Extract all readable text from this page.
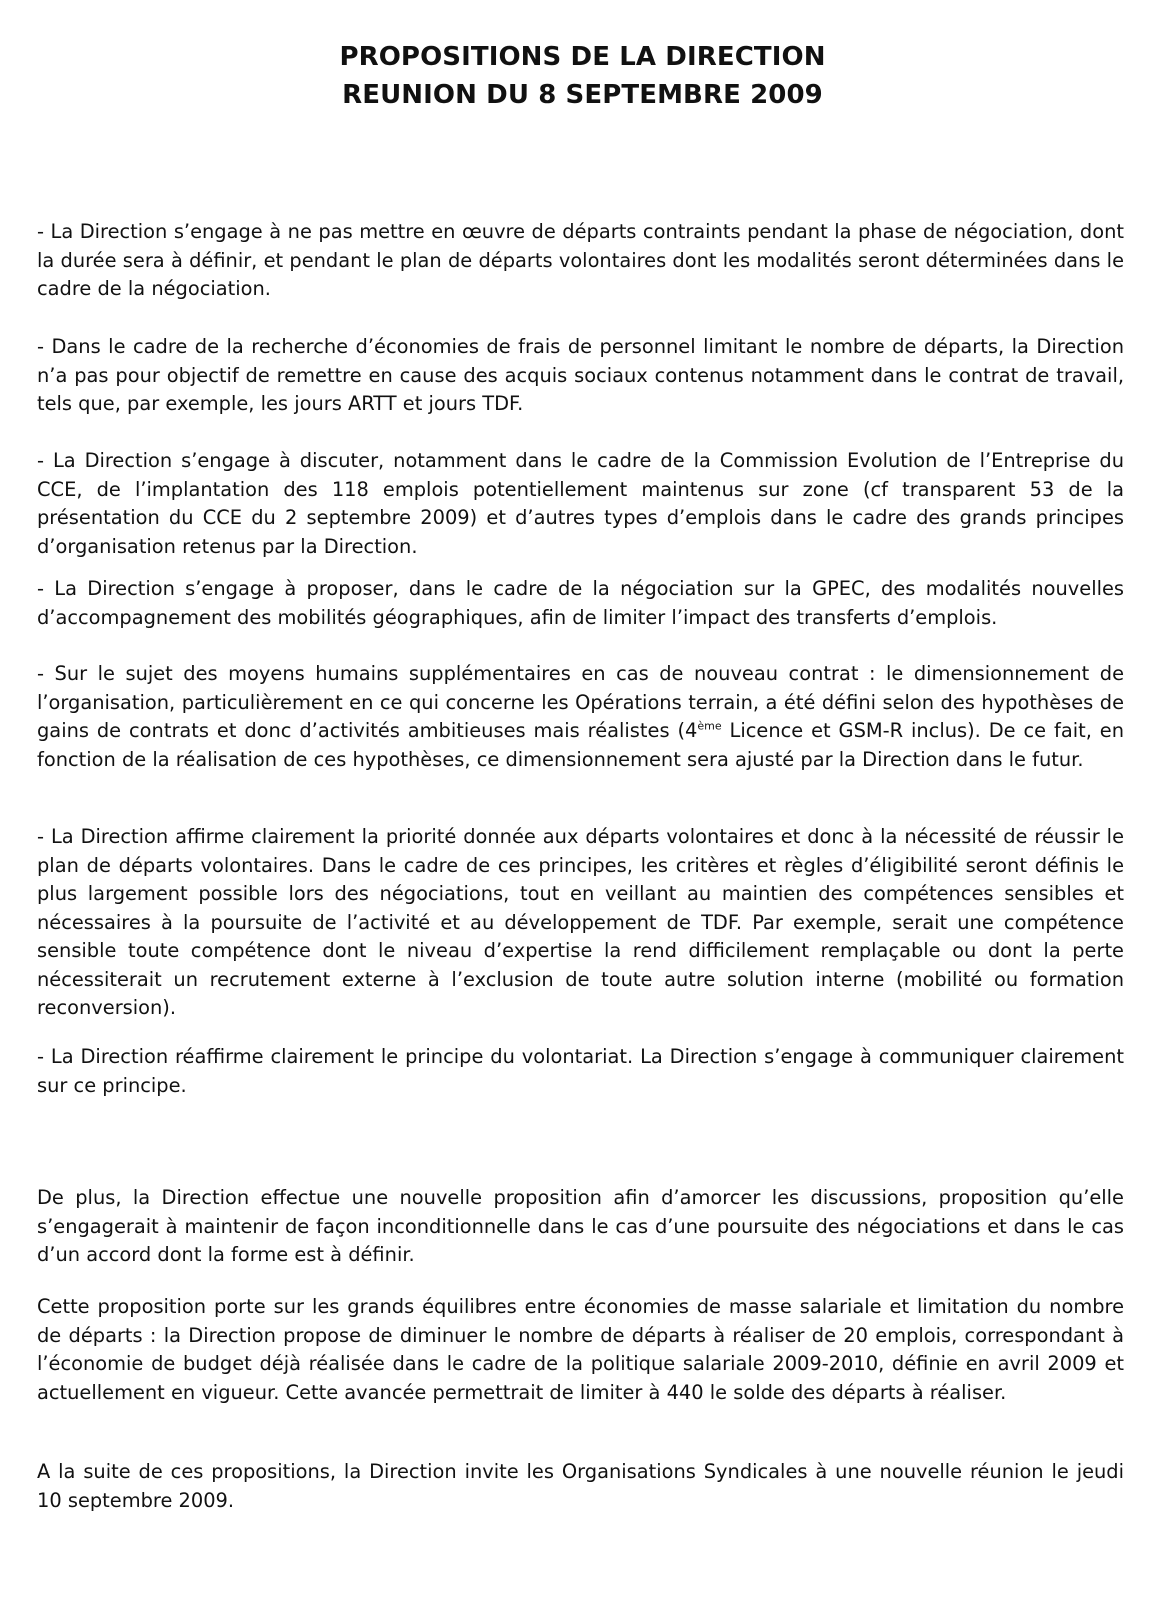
PROPOSITIONS DE LA DIRECTION
REUNION DU 8 SEPTEMBRE 2009

- La Direction s’engage à ne pas mettre en œuvre de départs contraints pendant la phase de négociation, dont la durée sera à définir, et pendant le plan de départs volontaires dont les modalités seront déterminées dans le cadre de la négociation.

- Dans le cadre de la recherche d’économies de frais de personnel limitant le nombre de départs, la Direction n’a pas pour objectif de remettre en cause des acquis sociaux contenus notamment dans le contrat de travail, tels que, par exemple, les jours ARTT et jours TDF.

- La Direction s’engage à discuter, notamment dans le cadre de la Commission Evolution de l’Entreprise du CCE, de l’implantation des 118 emplois potentiellement maintenus sur zone (cf transparent 53 de la présentation du CCE du 2 septembre 2009) et d’autres types d’emplois dans le cadre des grands principes d’organisation retenus par la Direction.

- La Direction s’engage à proposer, dans le cadre de la négociation sur la GPEC, des modalités nouvelles d’accompagnement des mobilités géographiques, afin de limiter l’impact des transferts d’emplois.

- Sur le sujet des moyens humains supplémentaires en cas de nouveau contrat : le dimensionnement de l’organisation, particulièrement en ce qui concerne les Opérations terrain, a été défini selon des hypothèses de gains de contrats et donc d’activités ambitieuses mais réalistes (4ème Licence et GSM-R inclus). De ce fait, en fonction de la réalisation de ces hypothèses, ce dimensionnement sera ajusté par la Direction dans le futur.

- La Direction affirme clairement la priorité donnée aux départs volontaires et donc à la nécessité de réussir le plan de départs volontaires. Dans le cadre de ces principes, les critères et règles d’éligibilité seront définis le plus largement possible lors des négociations, tout en veillant au maintien des compétences sensibles et nécessaires à la poursuite de l’activité et au développement de TDF. Par exemple, serait une compétence sensible toute compétence dont le niveau d’expertise la rend difficilement remplaçable ou dont la perte nécessiterait un recrutement externe à l’exclusion de toute autre solution interne (mobilité ou formation reconversion).

- La Direction réaffirme clairement le principe du volontariat. La Direction s’engage à communiquer clairement sur ce principe.

De plus, la Direction effectue une nouvelle proposition afin d’amorcer les discussions, proposition qu’elle s’engagerait à maintenir de façon inconditionnelle dans le cas d’une poursuite des négociations et dans le cas d’un accord dont la forme est à définir.

Cette proposition porte sur les grands équilibres entre économies de masse salariale et limitation du nombre de départs : la Direction propose de diminuer le nombre de départs à réaliser de 20 emplois, correspondant à l’économie de budget déjà réalisée dans le cadre de la politique salariale 2009-2010, définie en avril 2009 et actuellement en vigueur. Cette avancée permettrait de limiter à 440 le solde des départs à réaliser.

A la suite de ces propositions, la Direction invite les Organisations Syndicales à une nouvelle réunion le jeudi 10 septembre 2009.
